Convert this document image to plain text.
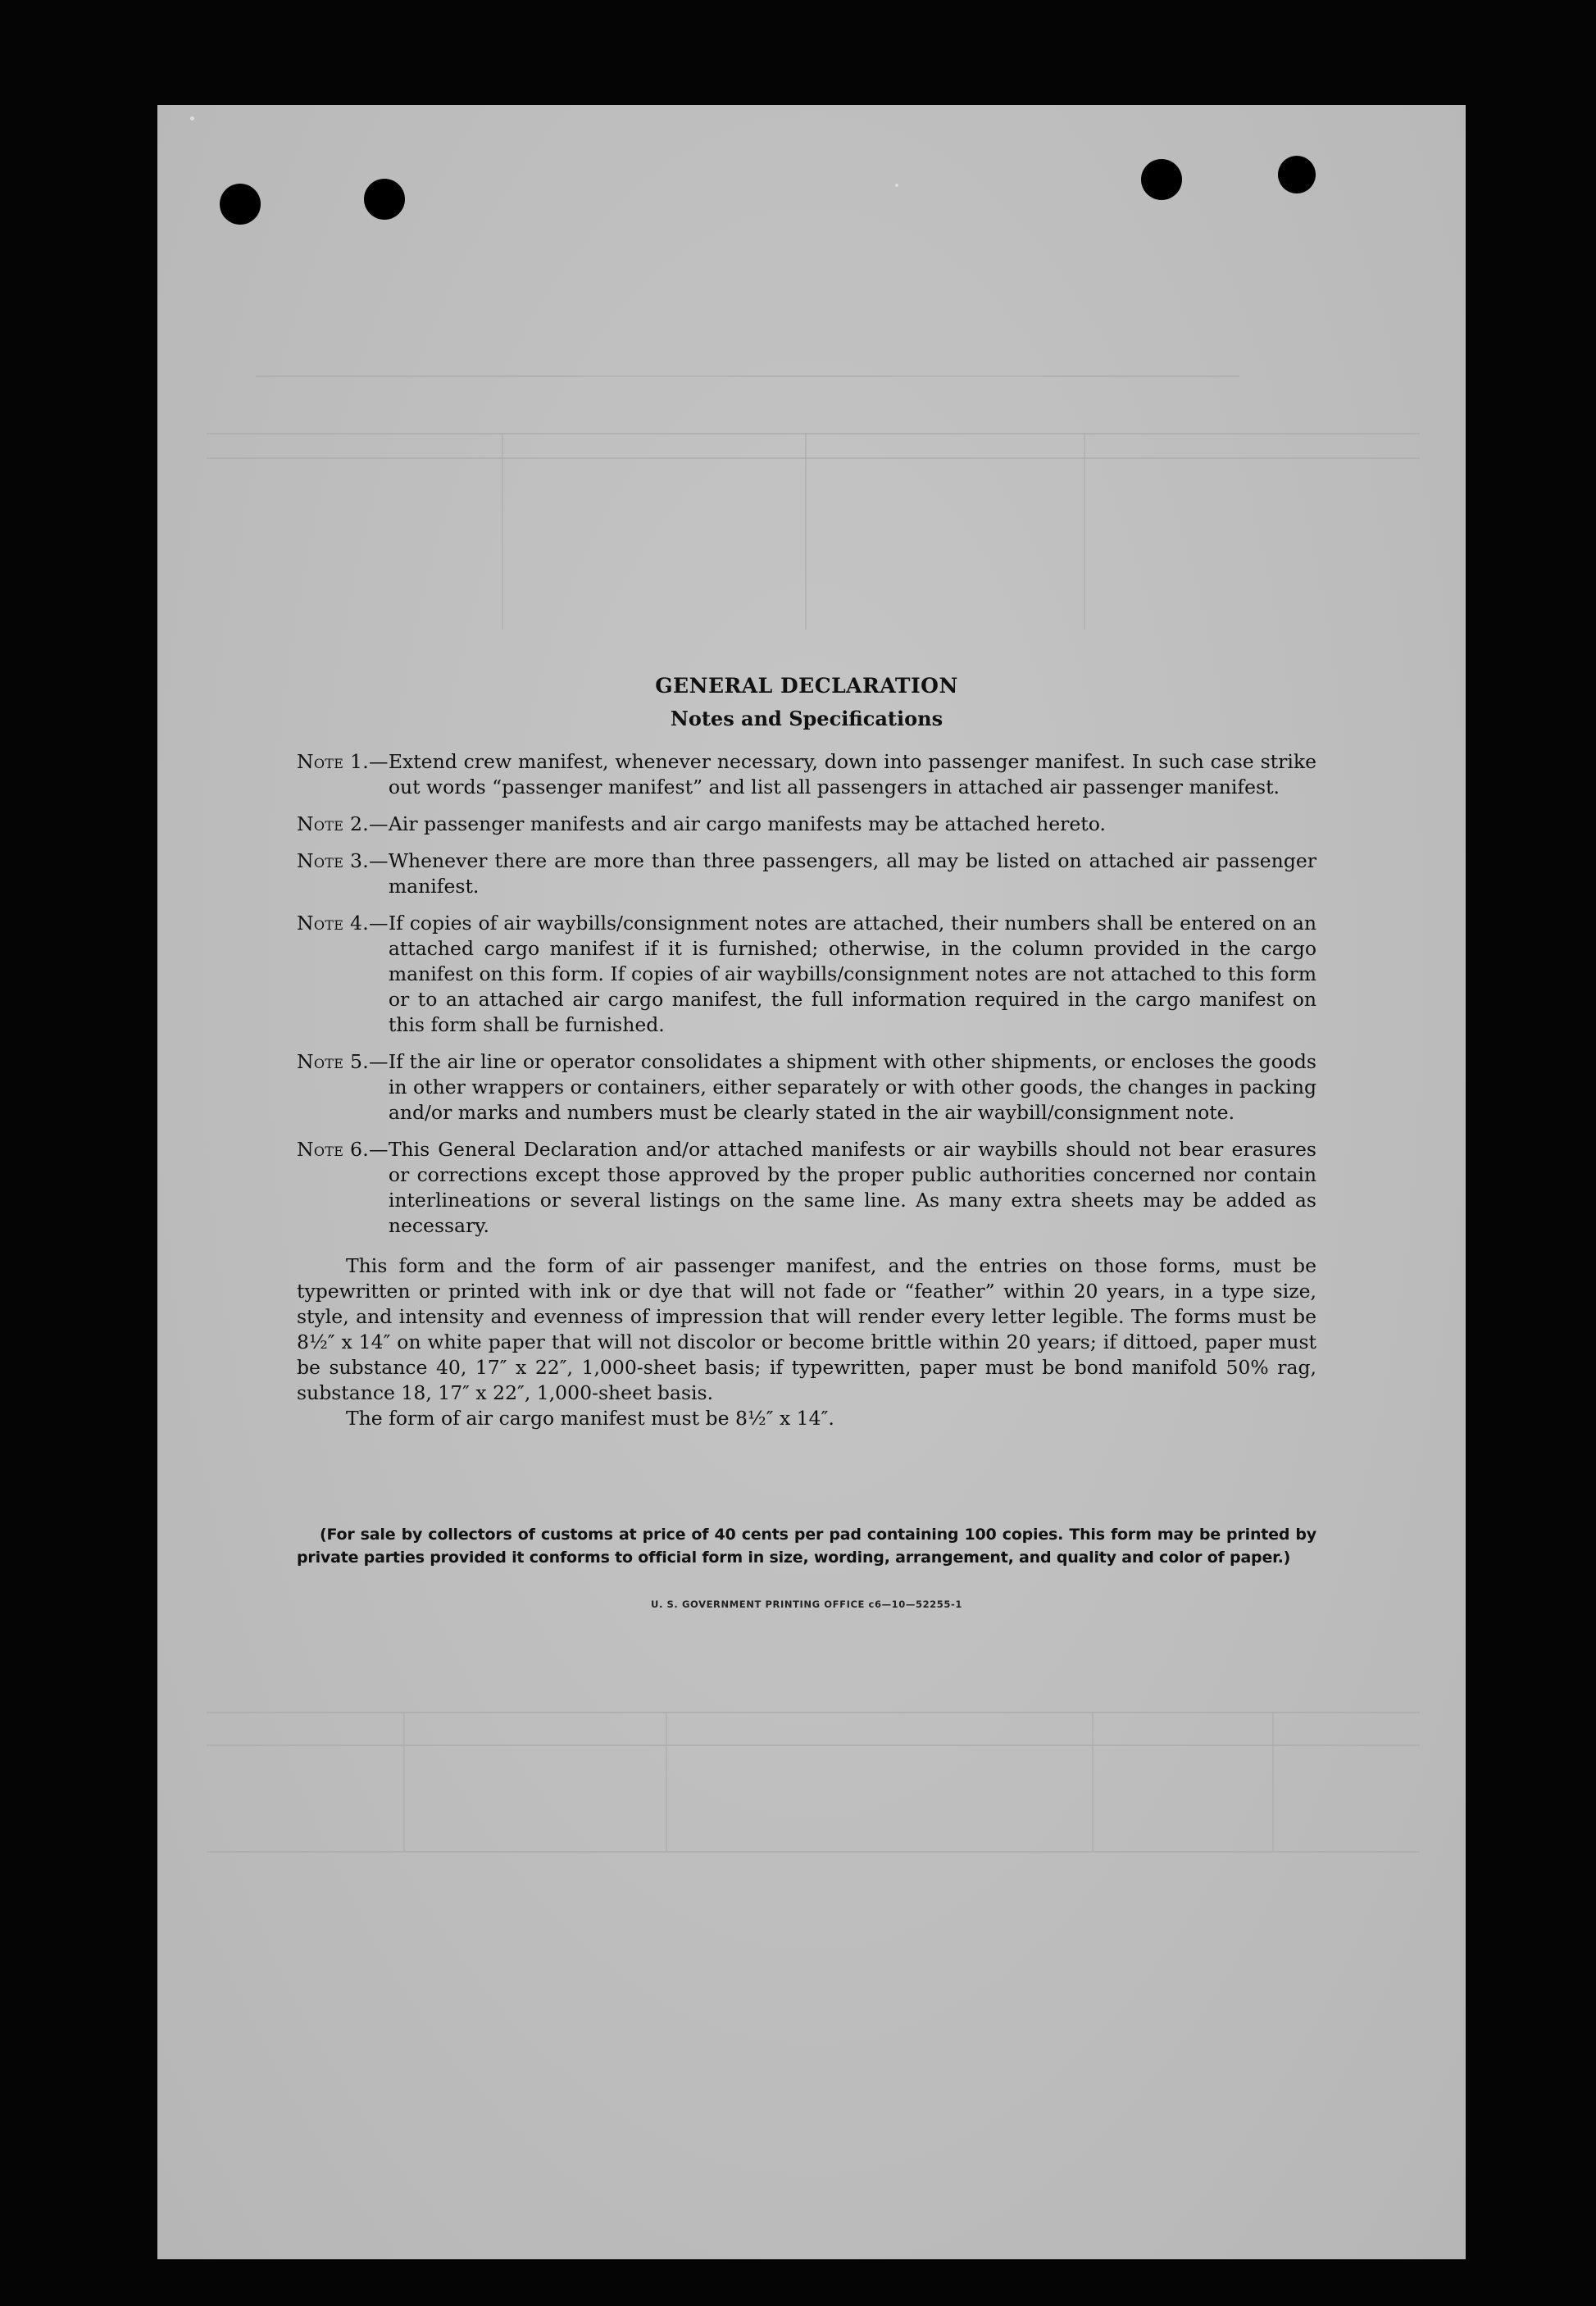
GENERAL DECLARATION

Notes and Specifications

Note 1.— Extend crew manifest, whenever necessary, down into passenger manifest. In such case strike out words “passenger manifest” and list all passengers in attached air passenger manifest.
Note 2.— Air passenger manifests and air cargo manifests may be attached hereto.
Note 3.— Whenever there are more than three passengers, all may be listed on attached air passenger manifest.
Note 4.— If copies of air waybills/consignment notes are attached, their numbers shall be entered on an attached cargo manifest if it is furnished; otherwise, in the column provided in the cargo manifest on this form. If copies of air waybills/consignment notes are not attached to this form or to an attached air cargo manifest, the full information required in the cargo manifest on this form shall be furnished.
Note 5.— If the air line or operator consolidates a shipment with other shipments, or encloses the goods in other wrappers or containers, either separately or with other goods, the changes in packing and/or marks and numbers must be clearly stated in the air waybill/consignment note.
Note 6.— This General Declaration and/or attached manifests or air waybills should not bear erasures or corrections except those approved by the proper public authorities concerned nor contain interlineations or several listings on the same line. As many extra sheets may be added as necessary.

This form and the form of air passenger manifest, and the entries on those forms, must be typewritten or printed with ink or dye that will not fade or “feather” within 20 years, in a type size, style, and intensity and evenness of impression that will render every letter legible. The forms must be 8½″ x 14″ on white paper that will not discolor or become brittle within 20 years; if dittoed, paper must be substance 40, 17″ x 22″, 1,000-sheet basis; if typewritten, paper must be bond manifold 50% rag, substance 18, 17″ x 22″, 1,000-sheet basis.

The form of air cargo manifest must be 8½″ x 14″.

(For sale by collectors of customs at price of 40 cents per pad containing 100 copies. This form may be printed by private parties provided it conforms to official form in size, wording, arrangement, and quality and color of paper.)

U. S. GOVERNMENT PRINTING OFFICE c6—10—52255-1
